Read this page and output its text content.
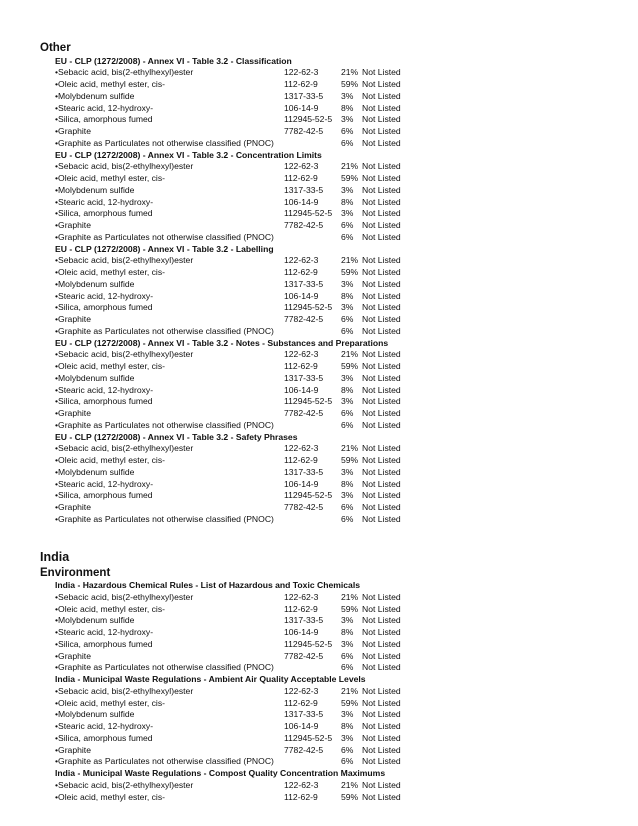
Other
EU - CLP (1272/2008) - Annex VI - Table 3.2 - Classification
•Sebacic acid, bis(2-ethylhexyl)ester	122-62-3	21% Not Listed
•Oleic acid, methyl ester, cis-	112-62-9	59% Not Listed
•Molybdenum sulfide	1317-33-5 3% Not Listed
•Stearic acid, 12-hydroxy-	106-14-9	8% Not Listed
•Silica, amorphous fumed	112945-52-5 3% Not Listed
•Graphite	7782-42-5 6% Not Listed
•Graphite as Particulates not otherwise classified (PNOC)	6% Not Listed
EU - CLP (1272/2008) - Annex VI - Table 3.2 - Concentration Limits
•Sebacic acid, bis(2-ethylhexyl)ester	122-62-3	21% Not Listed
•Oleic acid, methyl ester, cis-	112-62-9	59% Not Listed
•Molybdenum sulfide	1317-33-5 3% Not Listed
•Stearic acid, 12-hydroxy-	106-14-9	8% Not Listed
•Silica, amorphous fumed	112945-52-5 3% Not Listed
•Graphite	7782-42-5 6% Not Listed
•Graphite as Particulates not otherwise classified (PNOC)	6% Not Listed
EU - CLP (1272/2008) - Annex VI - Table 3.2 - Labelling
•Sebacic acid, bis(2-ethylhexyl)ester	122-62-3	21% Not Listed
•Oleic acid, methyl ester, cis-	112-62-9	59% Not Listed
•Molybdenum sulfide	1317-33-5 3% Not Listed
•Stearic acid, 12-hydroxy-	106-14-9	8% Not Listed
•Silica, amorphous fumed	112945-52-5 3% Not Listed
•Graphite	7782-42-5 6% Not Listed
•Graphite as Particulates not otherwise classified (PNOC)	6% Not Listed
EU - CLP (1272/2008) - Annex VI - Table 3.2 - Notes - Substances and Preparations
•Sebacic acid, bis(2-ethylhexyl)ester	122-62-3	21% Not Listed
•Oleic acid, methyl ester, cis-	112-62-9	59% Not Listed
•Molybdenum sulfide	1317-33-5 3% Not Listed
•Stearic acid, 12-hydroxy-	106-14-9	8% Not Listed
•Silica, amorphous fumed	112945-52-5 3% Not Listed
•Graphite	7782-42-5 6% Not Listed
•Graphite as Particulates not otherwise classified (PNOC)	6% Not Listed
EU - CLP (1272/2008) - Annex VI - Table 3.2 - Safety Phrases
•Sebacic acid, bis(2-ethylhexyl)ester	122-62-3	21% Not Listed
•Oleic acid, methyl ester, cis-	112-62-9	59% Not Listed
•Molybdenum sulfide	1317-33-5 3% Not Listed
•Stearic acid, 12-hydroxy-	106-14-9	8% Not Listed
•Silica, amorphous fumed	112945-52-5 3% Not Listed
•Graphite	7782-42-5 6% Not Listed
•Graphite as Particulates not otherwise classified (PNOC)	6% Not Listed
India
Environment
India - Hazardous Chemical Rules - List of Hazardous and Toxic Chemicals
•Sebacic acid, bis(2-ethylhexyl)ester	122-62-3	21% Not Listed
•Oleic acid, methyl ester, cis-	112-62-9	59% Not Listed
•Molybdenum sulfide	1317-33-5 3% Not Listed
•Stearic acid, 12-hydroxy-	106-14-9	8% Not Listed
•Silica, amorphous fumed	112945-52-5 3% Not Listed
•Graphite	7782-42-5 6% Not Listed
•Graphite as Particulates not otherwise classified (PNOC)	6% Not Listed
India - Municipal Waste Regulations - Ambient Air Quality Acceptable Levels
•Sebacic acid, bis(2-ethylhexyl)ester	122-62-3	21% Not Listed
•Oleic acid, methyl ester, cis-	112-62-9	59% Not Listed
•Molybdenum sulfide	1317-33-5 3% Not Listed
•Stearic acid, 12-hydroxy-	106-14-9	8% Not Listed
•Silica, amorphous fumed	112945-52-5 3% Not Listed
•Graphite	7782-42-5 6% Not Listed
•Graphite as Particulates not otherwise classified (PNOC)	6% Not Listed
India - Municipal Waste Regulations - Compost Quality Concentration Maximums
•Sebacic acid, bis(2-ethylhexyl)ester	122-62-3	21% Not Listed
•Oleic acid, methyl ester, cis-	112-62-9	59% Not Listed
